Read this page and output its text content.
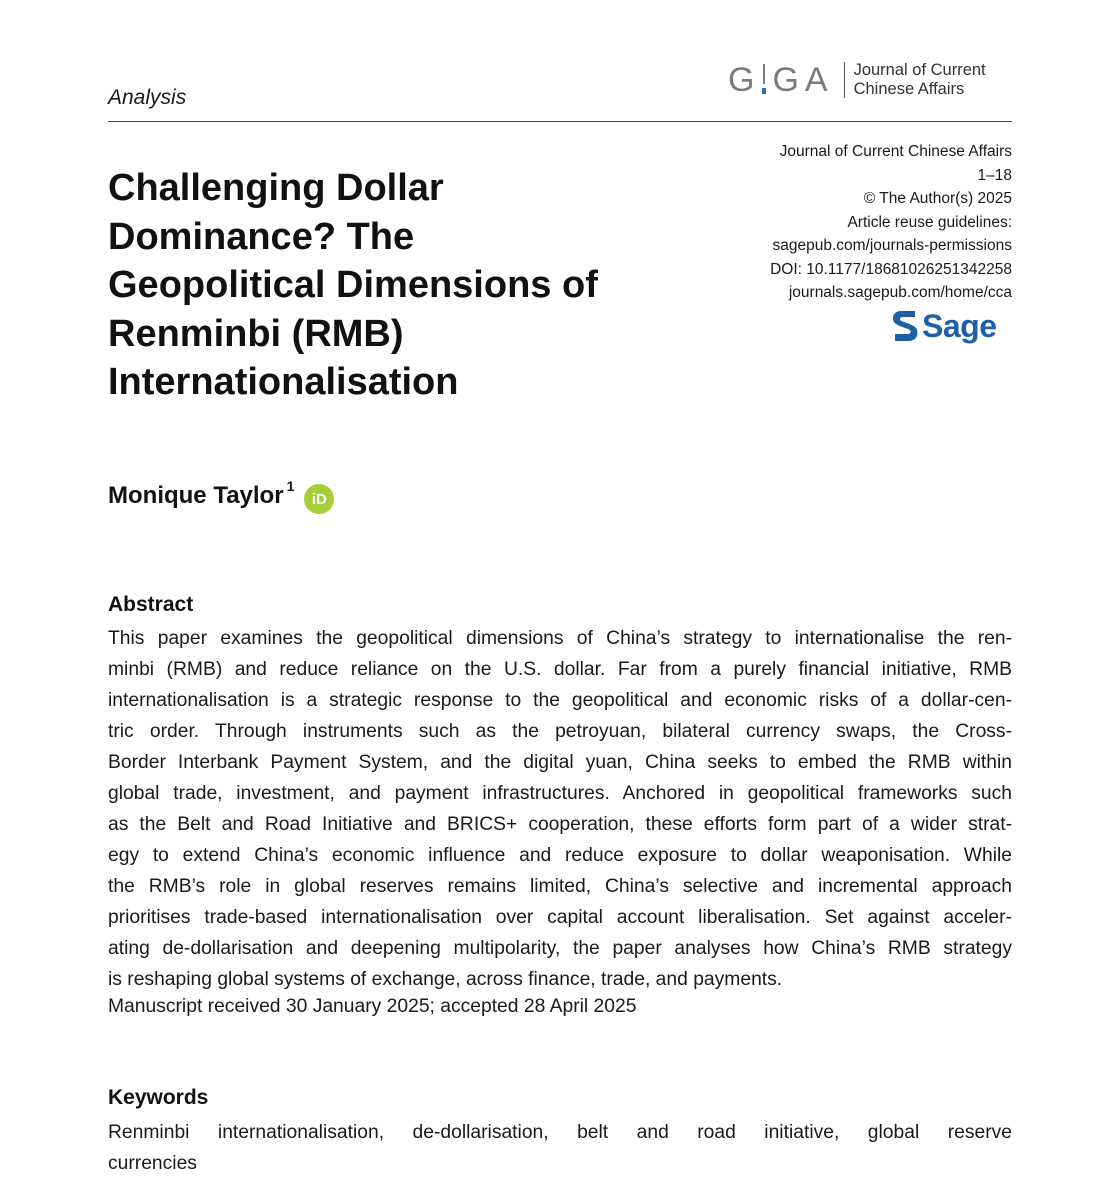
Analysis	G GA Journal of Current
Chinese Affairs
Journal of Current Chinese Affairs
1–18
© The Author(s) 2025
Article reuse guidelines:
sagepub.com/journals-permissions
DOI: 10.1177/18681026251342258
journals.sagepub.com/home/cca
Sage
Challenging Dollar
Dominance? The
Geopolitical Dimensions of
Renminbi (RMB)
Internationalisation
Monique Taylor$^1$
iD
Abstract
This paper examines the geopolitical dimensions of China’s strategy to internationalise the ren-
minbi (RMB) and reduce reliance on the U.S. dollar. Far from a purely financial initiative, RMB
internationalisation is a strategic response to the geopolitical and economic risks of a dollar-cen-
tric order. Through instruments such as the petroyuan, bilateral currency swaps, the Cross-
Border Interbank Payment System, and the digital yuan, China seeks to embed the RMB within
global trade, investment, and payment infrastructures. Anchored in geopolitical frameworks such
as the Belt and Road Initiative and BRICS+ cooperation, these efforts form part of a wider strat-
egy to extend China’s economic influence and reduce exposure to dollar weaponisation. While
the RMB’s role in global reserves remains limited, China’s selective and incremental approach
prioritises trade-based internationalisation over capital account liberalisation. Set against acceler-
ating de-dollarisation and deepening multipolarity, the paper analyses how China’s RMB strategy
is reshaping global systems of exchange, across finance, trade, and payments.
Manuscript received 30 January 2025; accepted 28 April 2025
Keywords
Renminbi internationalisation, de-dollarisation, belt and road initiative, global reserve
currencies
